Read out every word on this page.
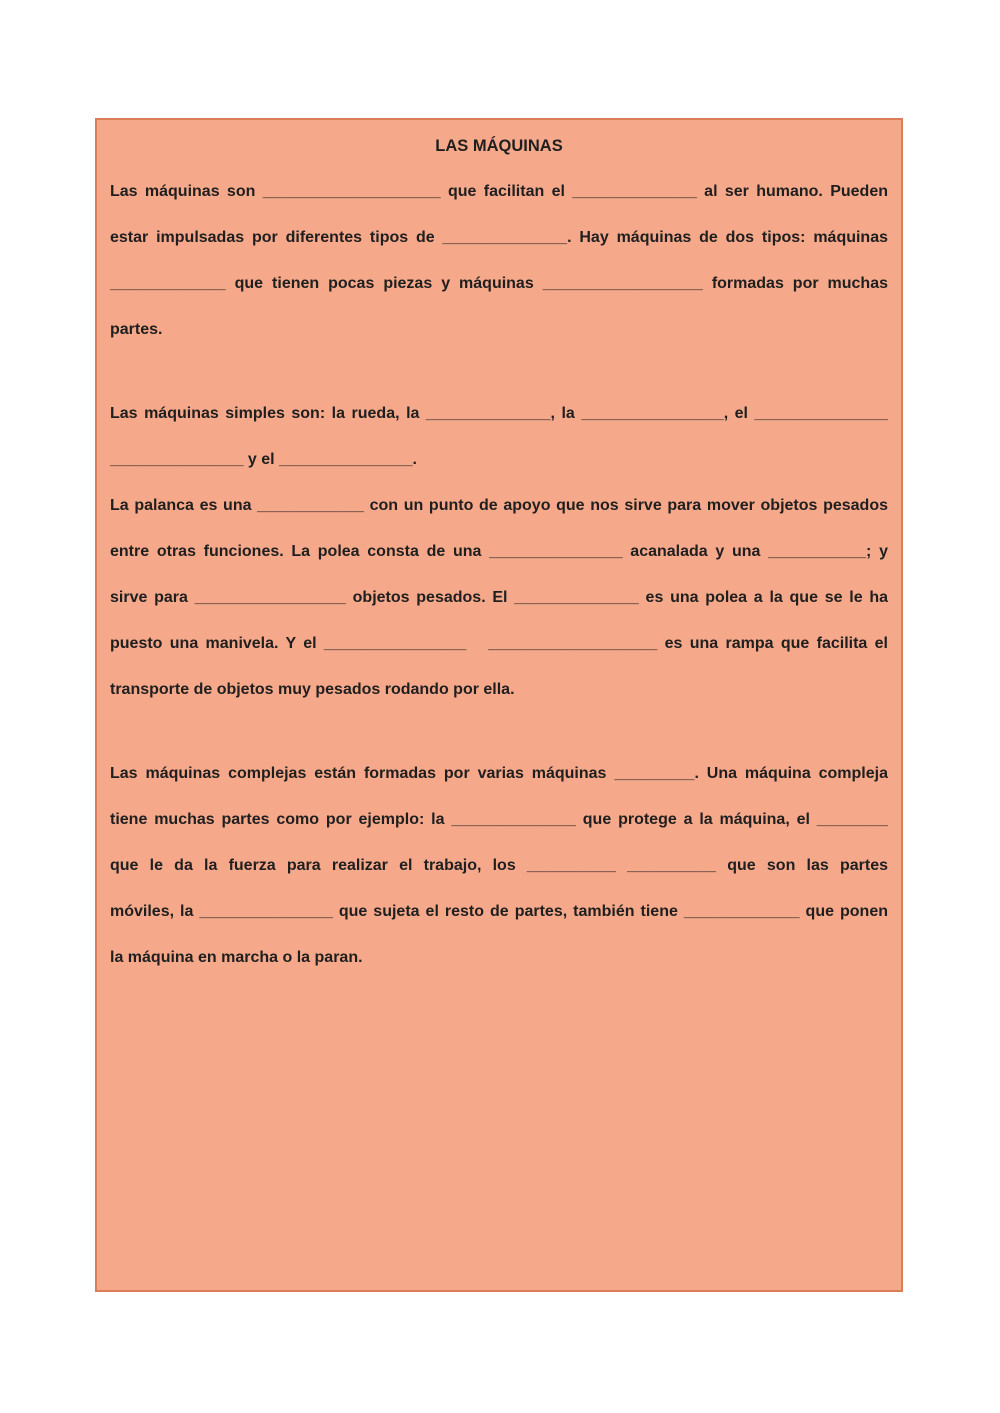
LAS MÁQUINAS
Las máquinas son ____________________ que facilitan el ______________ al ser humano. Pueden
estar impulsadas por diferentes tipos de ______________. Hay máquinas de dos tipos: máquinas
_____________ que tienen pocas piezas y máquinas __________________ formadas por muchas
partes.
Las máquinas simples son: la rueda, la ______________, la ________________, el _______________
_______________ y el _______________.
La palanca es una ____________ con un punto de apoyo que nos sirve para mover objetos pesados
entre otras funciones. La polea consta de una _______________ acanalada y una ___________; y
sirve para _________________ objetos pesados. El ______________ es una polea a la que se le ha
puesto una manivela. Y el ________________   ___________________ es una rampa que facilita el
transporte de objetos muy pesados rodando por ella.
Las máquinas complejas están formadas por varias máquinas _________. Una máquina compleja
tiene muchas partes como por ejemplo: la ______________ que protege a la máquina, el ________
que le da la fuerza para realizar el trabajo, los __________ __________ que son las partes
móviles, la _______________ que sujeta el resto de partes, también tiene _____________ que ponen
la máquina en marcha o la paran.
